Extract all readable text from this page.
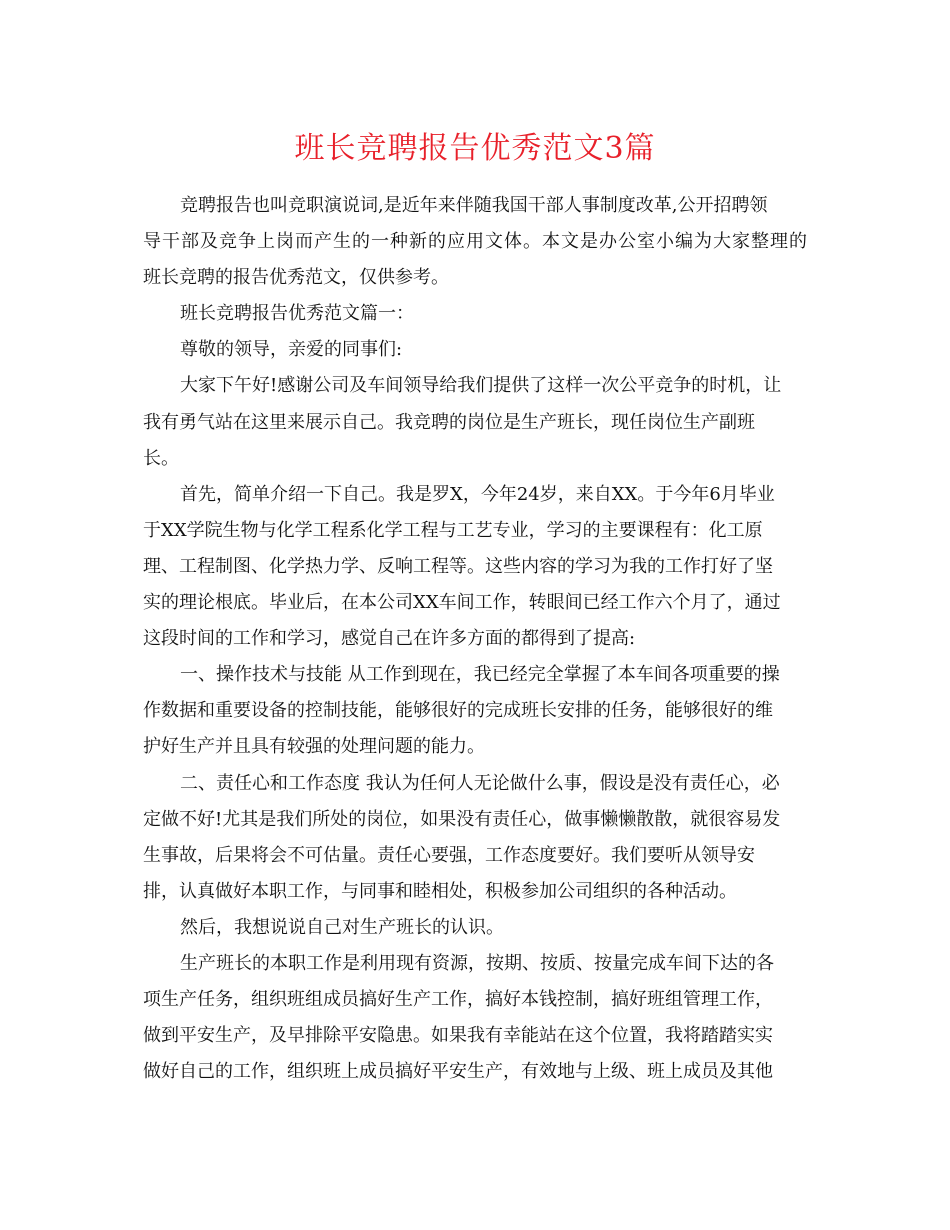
班长竞聘报告优秀范文3篇
竞聘报告也叫竞职演说词,是近年来伴随我国干部人事制度改革,公开招聘领
导干部及竞争上岗而产生的一种新的应用文体。本文是办公室小编为大家整理的
班长竞聘的报告优秀范文，仅供参考。
班长竞聘报告优秀范文篇一：
尊敬的领导，亲爱的同事们:
大家下午好!感谢公司及车间领导给我们提供了这样一次公平竞争的时机，让
我有勇气站在这里来展示自己。我竞聘的岗位是生产班长，现任岗位生产副班
长。
首先，简单介绍一下自己。我是罗X，今年24岁，来自XX。于今年6月毕业
于XX学院生物与化学工程系化学工程与工艺专业，学习的主要课程有：化工原
理、工程制图、化学热力学、反响工程等。这些内容的学习为我的工作打好了坚
实的理论根底。毕业后，在本公司XX车间工作，转眼间已经工作六个月了，通过
这段时间的工作和学习，感觉自己在许多方面的都得到了提高:
一、操作技术与技能 从工作到现在，我已经完全掌握了本车间各项重要的操
作数据和重要设备的控制技能，能够很好的完成班长安排的任务，能够很好的维
护好生产并且具有较强的处理问题的能力。
二、责任心和工作态度 我认为任何人无论做什么事，假设是没有责任心，必
定做不好!尤其是我们所处的岗位，如果没有责任心，做事懒懒散散，就很容易发
生事故，后果将会不可估量。责任心要强，工作态度要好。我们要听从领导安
排，认真做好本职工作，与同事和睦相处，积极参加公司组织的各种活动。
然后，我想说说自己对生产班长的认识。
生产班长的本职工作是利用现有资源，按期、按质、按量完成车间下达的各
项生产任务，组织班组成员搞好生产工作，搞好本钱控制，搞好班组管理工作，
做到平安生产，及早排除平安隐患。如果我有幸能站在这个位置，我将踏踏实实
做好自己的工作，组织班上成员搞好平安生产，有效地与上级、班上成员及其他
